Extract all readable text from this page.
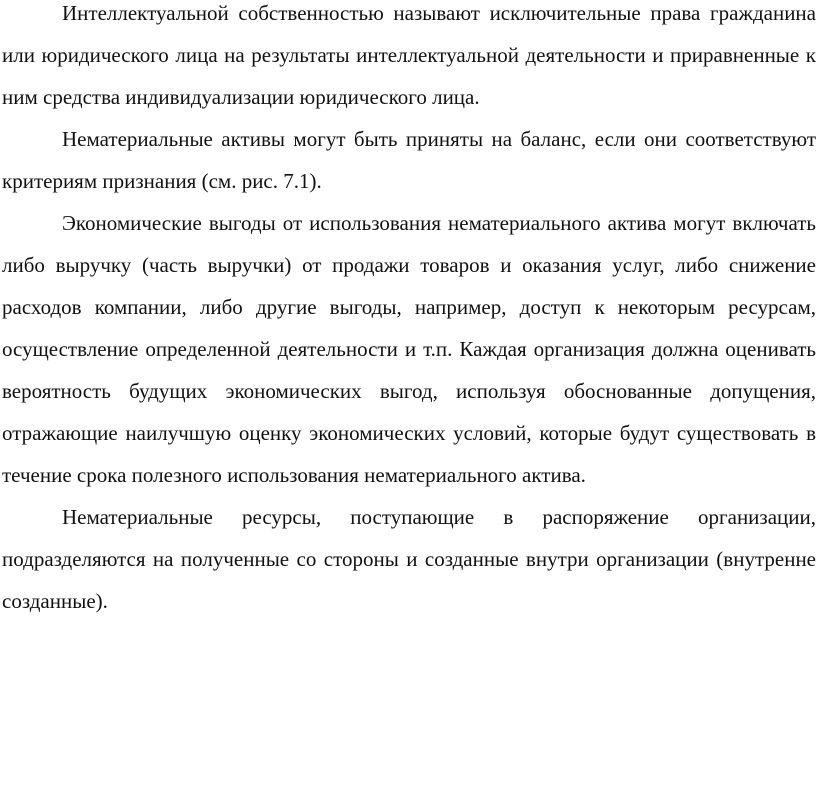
Интеллектуальной собственностью называют исключительные права гражданина или юридического лица на результаты интеллектуальной деятельности и приравненные к ним средства индивидуализации юридического лица.

Нематериальные активы могут быть приняты на баланс, если они соответствуют критериям признания (см. рис. 7.1).

Экономические выгоды от использования нематериального актива могут включать либо выручку (часть выручки) от продажи товаров и оказания услуг, либо снижение расходов компании, либо другие выгоды, например, доступ к некоторым ресурсам, осуществление определенной деятельности и т.п. Каждая организация должна оценивать вероятность будущих экономических выгод, используя обоснованные допущения, отражающие наилучшую оценку экономических условий, которые будут существовать в течение срока полезного использования нематериального актива.

Нематериальные ресурсы, поступающие в распоряжение организации, подразделяются на полученные со стороны и созданные внутри организации (внутренне созданные).
